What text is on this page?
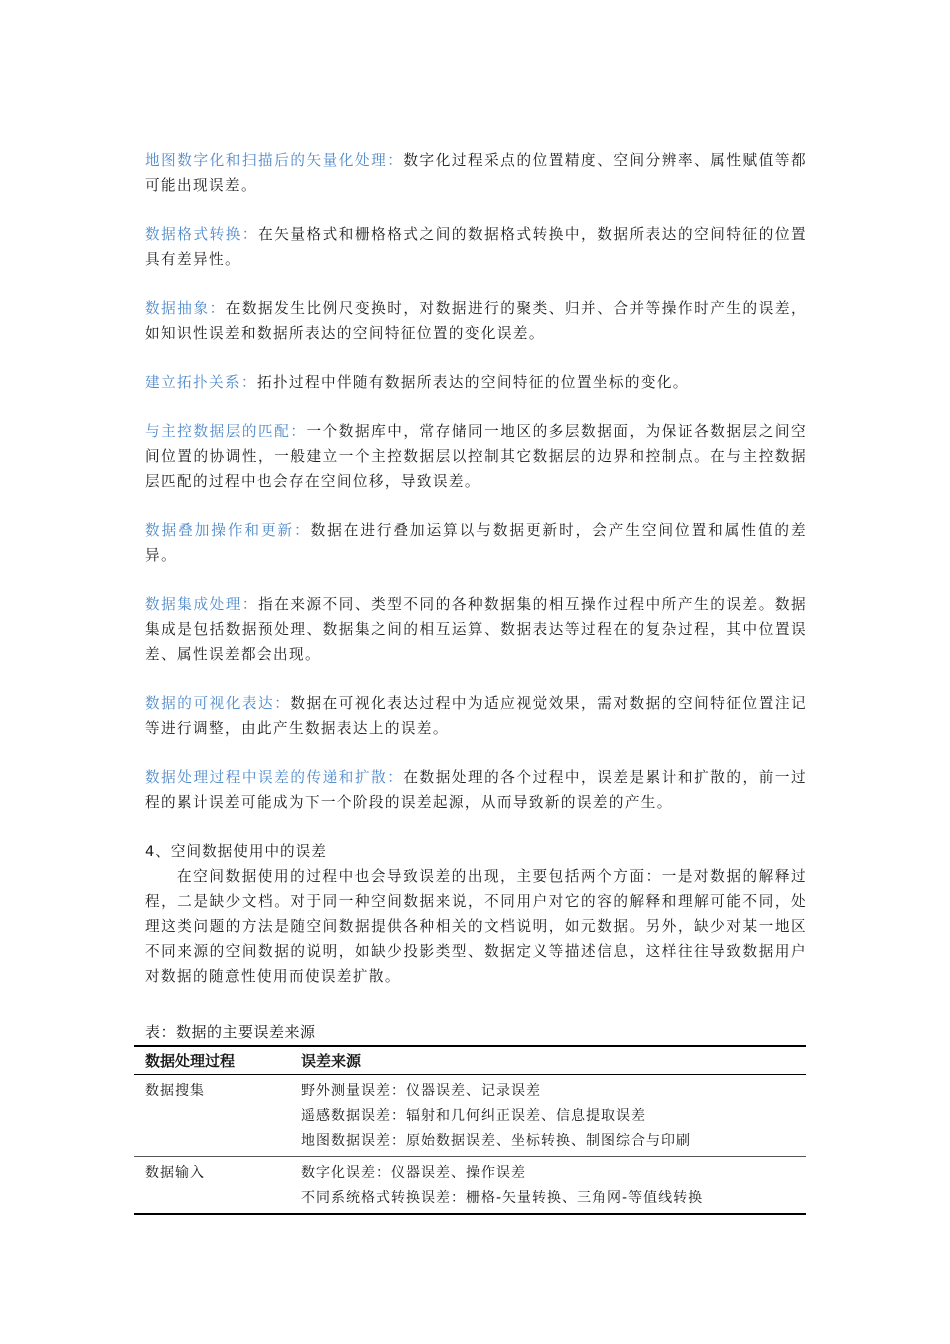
地图数字化和扫描后的矢量化处理：数字化过程采点的位置精度、空间分辨率、属性赋值等都可能出现误差。

数据格式转换：在矢量格式和栅格格式之间的数据格式转换中，数据所表达的空间特征的位置具有差异性。

数据抽象：在数据发生比例尺变换时，对数据进行的聚类、归并、合并等操作时产生的误差，如知识性误差和数据所表达的空间特征位置的变化误差。

建立拓扑关系：拓扑过程中伴随有数据所表达的空间特征的位置坐标的变化。

与主控数据层的匹配：一个数据库中，常存储同一地区的多层数据面，为保证各数据层之间空间位置的协调性，一般建立一个主控数据层以控制其它数据层的边界和控制点。在与主控数据层匹配的过程中也会存在空间位移，导致误差。

数据叠加操作和更新：数据在进行叠加运算以与数据更新时，会产生空间位置和属性值的差异。

数据集成处理：指在来源不同、类型不同的各种数据集的相互操作过程中所产生的误差。数据集成是包括数据预处理、数据集之间的相互运算、数据表达等过程在的复杂过程，其中位置误差、属性误差都会出现。

数据的可视化表达：数据在可视化表达过程中为适应视觉效果，需对数据的空间特征位置注记等进行调整，由此产生数据表达上的误差。

数据处理过程中误差的传递和扩散：在数据处理的各个过程中，误差是累计和扩散的，前一过程的累计误差可能成为下一个阶段的误差起源，从而导致新的误差的产生。

4、空间数据使用中的误差

在空间数据使用的过程中也会导致误差的出现，主要包括两个方面：一是对数据的解释过程，二是缺少文档。对于同一种空间数据来说，不同用户对它的容的解释和理解可能不同，处理这类问题的方法是随空间数据提供各种相关的文档说明，如元数据。另外，缺少对某一地区不同来源的空间数据的说明，如缺少投影类型、数据定义等描述信息，这样往往导致数据用户对数据的随意性使用而使误差扩散。

表：数据的主要误差来源
数据处理过程	误差来源
数据搜集	野外测量误差：仪器误差、记录误差
遥感数据误差：辐射和几何纠正误差、信息提取误差
地图数据误差：原始数据误差、坐标转换、制图综合与印刷
数据输入	数字化误差：仪器误差、操作误差
不同系统格式转换误差：栅格-矢量转换、三角网-等值线转换
